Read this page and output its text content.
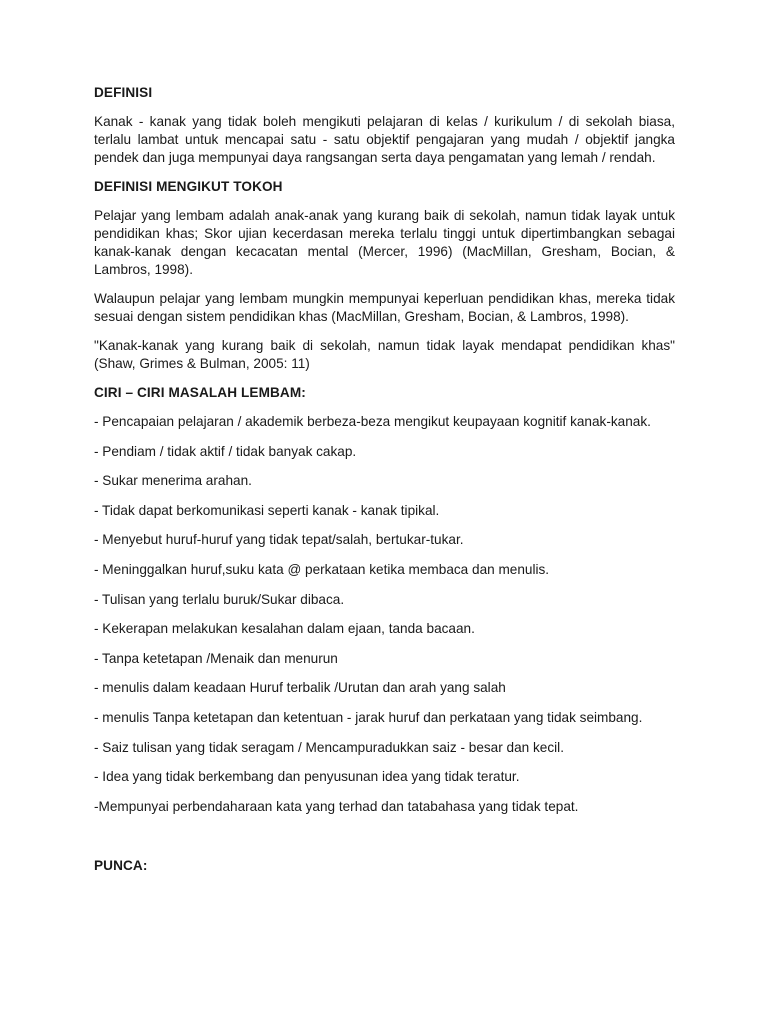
DEFINISI
Kanak - kanak yang tidak boleh mengikuti pelajaran di kelas / kurikulum / di sekolah biasa, terlalu lambat untuk mencapai satu - satu objektif pengajaran yang mudah / objektif jangka pendek dan juga mempunyai daya rangsangan serta daya pengamatan yang lemah / rendah.
DEFINISI MENGIKUT TOKOH
Pelajar yang lembam adalah anak-anak yang kurang baik di sekolah, namun tidak layak untuk pendidikan khas; Skor ujian kecerdasan mereka terlalu tinggi untuk dipertimbangkan sebagai kanak-kanak dengan kecacatan mental (Mercer, 1996) (MacMillan, Gresham, Bocian, & Lambros, 1998).
Walaupun pelajar yang lembam mungkin mempunyai keperluan pendidikan khas, mereka tidak sesuai dengan sistem pendidikan khas (MacMillan, Gresham, Bocian, & Lambros, 1998).
"Kanak-kanak yang kurang baik di sekolah, namun tidak layak mendapat pendidikan khas" (Shaw, Grimes & Bulman, 2005: 11)
CIRI – CIRI MASALAH LEMBAM:
- Pencapaian pelajaran / akademik berbeza-beza mengikut keupayaan kognitif kanak-kanak.
- Pendiam / tidak aktif / tidak banyak cakap.
- Sukar menerima arahan.
- Tidak dapat berkomunikasi seperti kanak - kanak tipikal.
- Menyebut huruf-huruf yang tidak tepat/salah, bertukar-tukar.
- Meninggalkan huruf,suku kata @ perkataan ketika membaca dan menulis.
- Tulisan yang terlalu buruk/Sukar dibaca.
- Kekerapan melakukan kesalahan dalam ejaan, tanda bacaan.
- Tanpa ketetapan /Menaik dan menurun
- menulis dalam keadaan Huruf terbalik /Urutan dan arah yang salah
- menulis Tanpa ketetapan dan ketentuan - jarak huruf dan perkataan yang tidak seimbang.
- Saiz tulisan yang tidak seragam / Mencampuradukkan saiz - besar dan kecil.
- Idea yang tidak berkembang dan penyusunan idea yang tidak teratur.
-Mempunyai perbendaharaan kata yang terhad dan tatabahasa yang tidak tepat.
PUNCA:
